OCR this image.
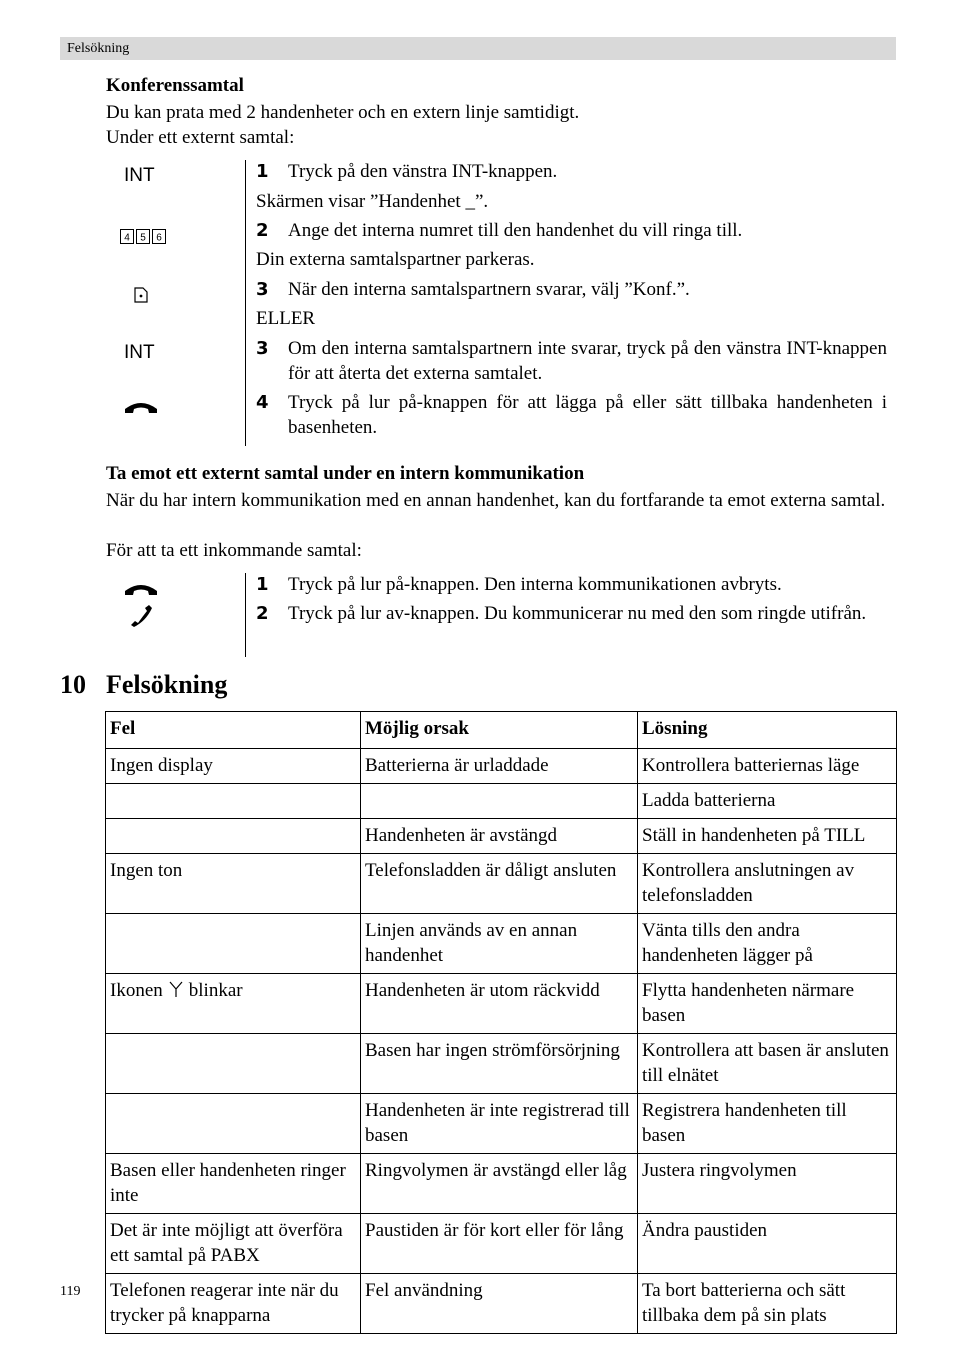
Felsökning
Konferenssamtal
Du kan prata med 2 handenheter och en extern linje samtidigt.
Under ett externt samtal:
INT
4 5 6
INT
1 Tryck på den vänstra INT-knappen.
Skärmen visar ”Handenhet _”.
2 Ange det interna numret till den handenhet du vill ringa till.
Din externa samtalspartner parkeras.
3 När den interna samtalspartnern svarar, välj ”Konf.”.
ELLER
3 Om den interna samtalspartnern inte svarar, tryck på den vänstra INT-knappen för att återta det externa samtalet.
4 Tryck på lur på-knappen för att lägga på eller sätt tillbaka handenheten i basenheten.
Ta emot ett externt samtal under en intern kommunikation
När du har intern kommunikation med en annan handenhet, kan du fortfarande ta emot externa samtal.
För att ta ett inkommande samtal:
1 Tryck på lur på-knappen. Den interna kommunikationen avbryts.
2 Tryck på lur av-knappen. Du kommunicerar nu med den som ringde utifrån.
10 Felsökning
Fel	Möjlig orsak	Lösning
Ingen display	Batterierna är urladdade	Kontrollera batteriernas läge
		Ladda batterierna
	Handenheten är avstängd	Ställ in handenheten på TILL
Ingen ton	Telefonsladden är dåligt ansluten	Kontrollera anslutningen av telefonsladden
	Linjen används av en annan handenhet	Vänta tills den andra handenheten lägger på
Ikonen blinkar	Handenheten är utom räckvidd	Flytta handenheten närmare basen
	Basen har ingen strömförsörjning	Kontrollera att basen är ansluten till elnätet
	Handenheten är inte registrerad till basen	Registrera handenheten till basen
Basen eller handenheten ringer inte	Ringvolymen är avstängd eller låg	Justera ringvolymen
Det är inte möjligt att överföra ett samtal på PABX	Paustiden är för kort eller för lång	Ändra paustiden
Telefonen reagerar inte när du trycker på knapparna	Fel användning	Ta bort batterierna och sätt tillbaka dem på sin plats
119
